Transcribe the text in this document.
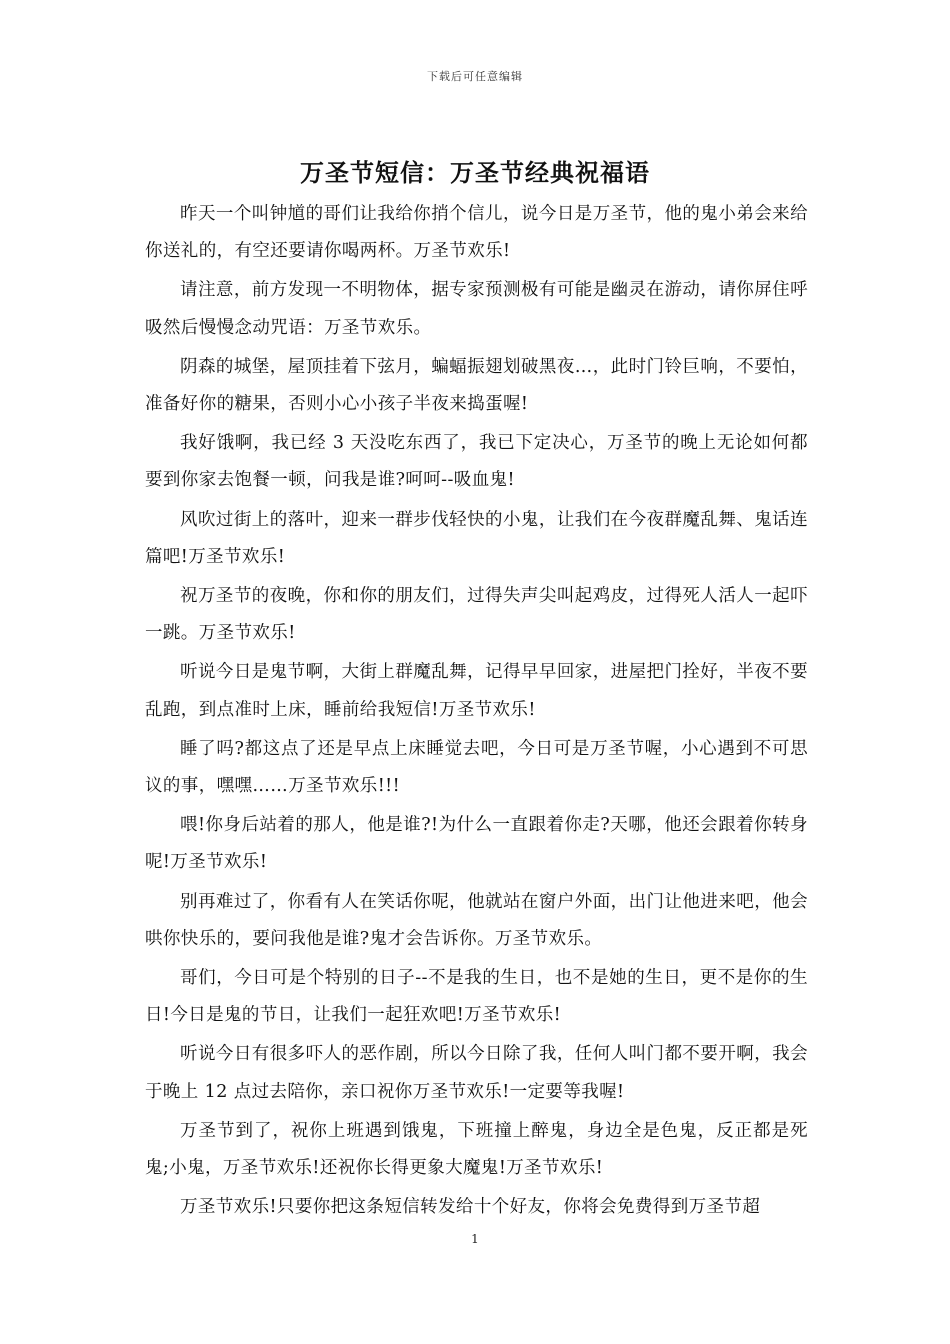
下载后可任意编辑
万圣节短信：万圣节经典祝福语

昨天一个叫钟馗的哥们让我给你捎个信儿，说今日是万圣节，他的鬼小弟会来给你送礼的，有空还要请你喝两杯。万圣节欢乐!

请注意，前方发现一不明物体，据专家预测极有可能是幽灵在游动，请你屏住呼吸然后慢慢念动咒语：万圣节欢乐。

阴森的城堡，屋顶挂着下弦月，蝙蝠振翅划破黑夜…，此时门铃巨响，不要怕，准备好你的糖果，否则小心小孩子半夜来捣蛋喔!

我好饿啊，我已经 3 天没吃东西了，我已下定决心，万圣节的晚上无论如何都要到你家去饱餐一顿，问我是谁?呵呵--吸血鬼!

风吹过街上的落叶，迎来一群步伐轻快的小鬼，让我们在今夜群魔乱舞、鬼话连篇吧!万圣节欢乐!

祝万圣节的夜晚，你和你的朋友们，过得失声尖叫起鸡皮，过得死人活人一起吓一跳。万圣节欢乐!

听说今日是鬼节啊，大街上群魔乱舞，记得早早回家，进屋把门拴好，半夜不要乱跑，到点准时上床，睡前给我短信!万圣节欢乐!

睡了吗?都这点了还是早点上床睡觉去吧，今日可是万圣节喔，小心遇到不可思议的事，嘿嘿……万圣节欢乐!!!

喂!你身后站着的那人，他是谁?!为什么一直跟着你走?天哪，他还会跟着你转身呢!万圣节欢乐!

别再难过了，你看有人在笑话你呢，他就站在窗户外面，出门让他进来吧，他会哄你快乐的，要问我他是谁?鬼才会告诉你。万圣节欢乐。

哥们，今日可是个特别的日子--不是我的生日，也不是她的生日，更不是你的生日!今日是鬼的节日，让我们一起狂欢吧!万圣节欢乐!

听说今日有很多吓人的恶作剧，所以今日除了我，任何人叫门都不要开啊，我会于晚上 12 点过去陪你，亲口祝你万圣节欢乐!一定要等我喔!

万圣节到了，祝你上班遇到饿鬼，下班撞上醉鬼，身边全是色鬼，反正都是死鬼;小鬼，万圣节欢乐!还祝你长得更象大魔鬼!万圣节欢乐!

万圣节欢乐!只要你把这条短信转发给十个好友，你将会免费得到万圣节超

1
